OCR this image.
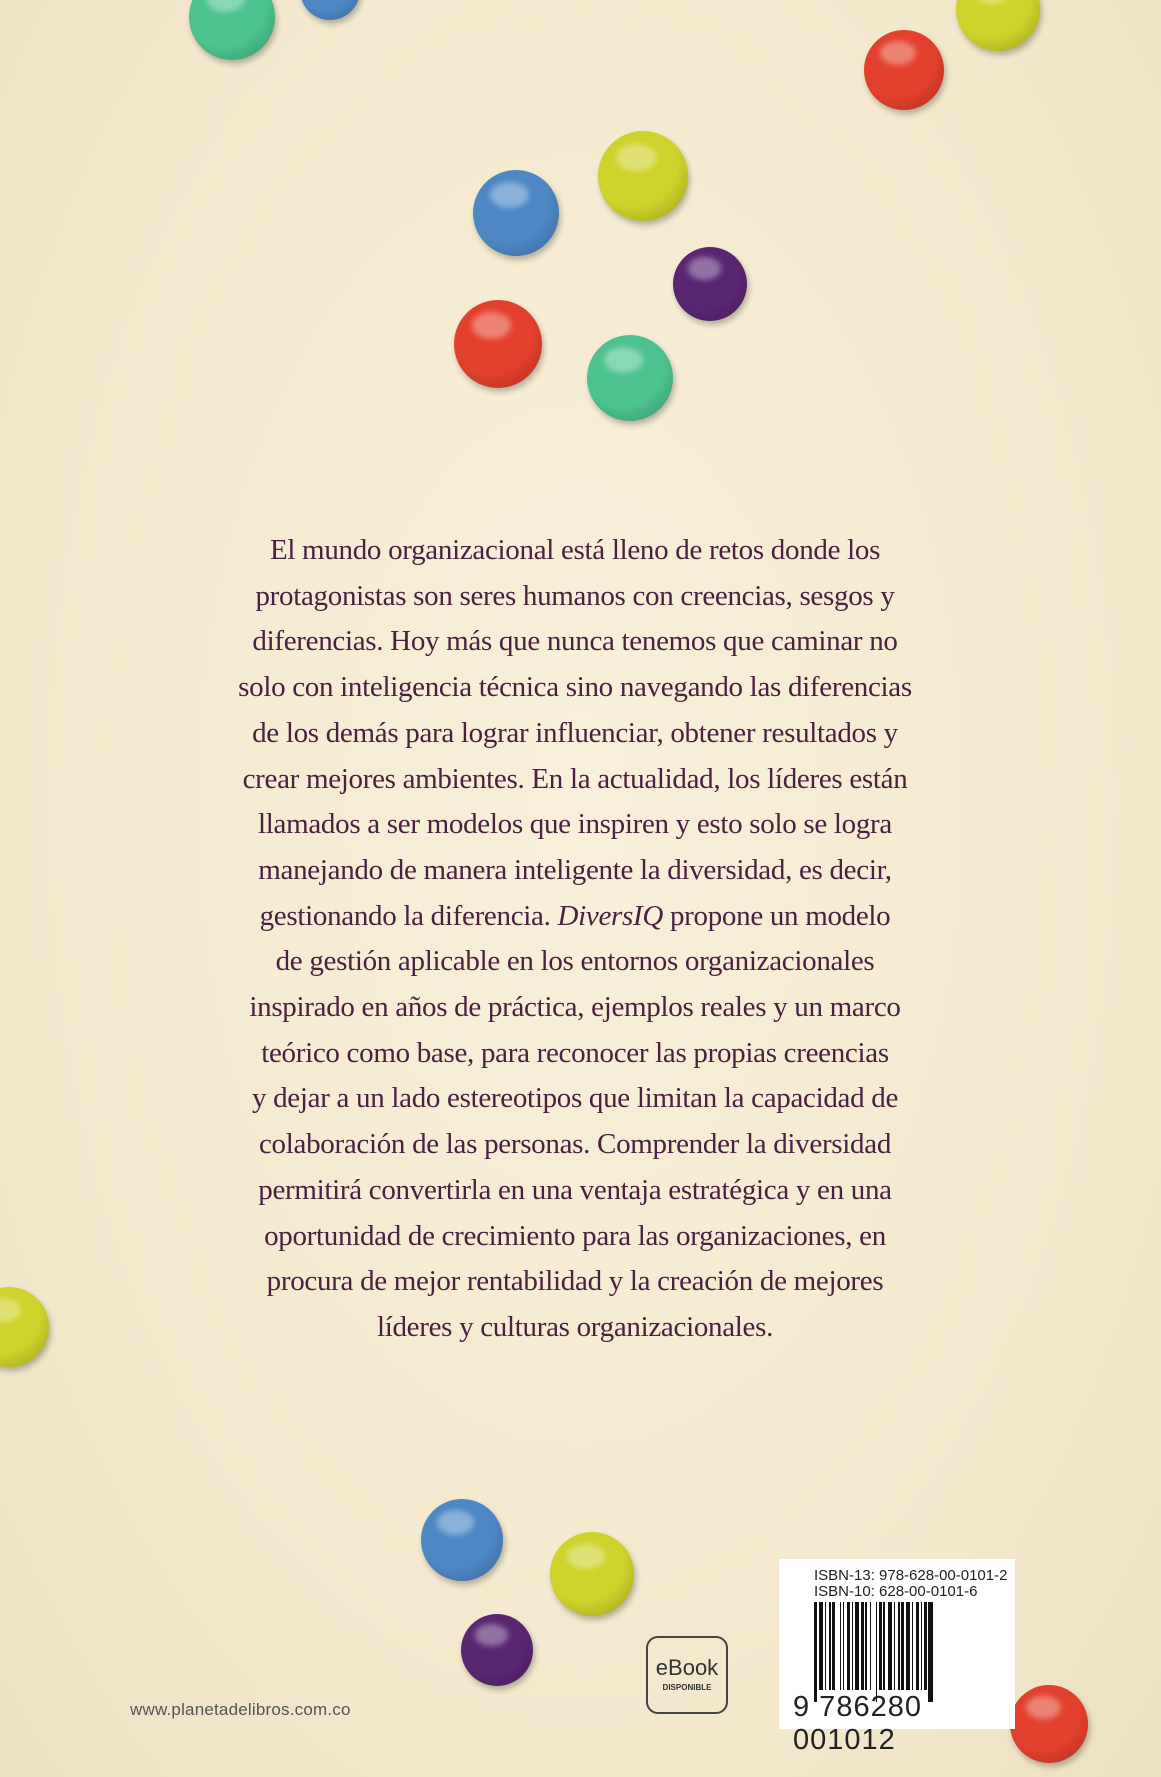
El mundo organizacional está lleno de retos donde los
protagonistas son seres humanos con creencias, sesgos y
diferencias. Hoy más que nunca tenemos que caminar no
solo con inteligencia técnica sino navegando las diferencias
de los demás para lograr influenciar, obtener resultados y
crear mejores ambientes. En la actualidad, los líderes están
llamados a ser modelos que inspiren y esto solo se logra
manejando de manera inteligente la diversidad, es decir,
gestionando la diferencia. DiversIQ propone un modelo
de gestión aplicable en los entornos organizacionales
inspirado en años de práctica, ejemplos reales y un marco
teórico como base, para reconocer las propias creencias
y dejar a un lado estereotipos que limitan la capacidad de
colaboración de las personas. Comprender la diversidad
permitirá convertirla en una ventaja estratégica y en una
oportunidad de crecimiento para las organizaciones, en
procura de mejor rentabilidad y la creación de mejores
líderes y culturas organizacionales.
www.planetadelibros.com.co
eBook
DISPONIBLE
ISBN-13: 978-628-00-0101-2
ISBN-10: 628-00-0101-6
9 786280 001012
